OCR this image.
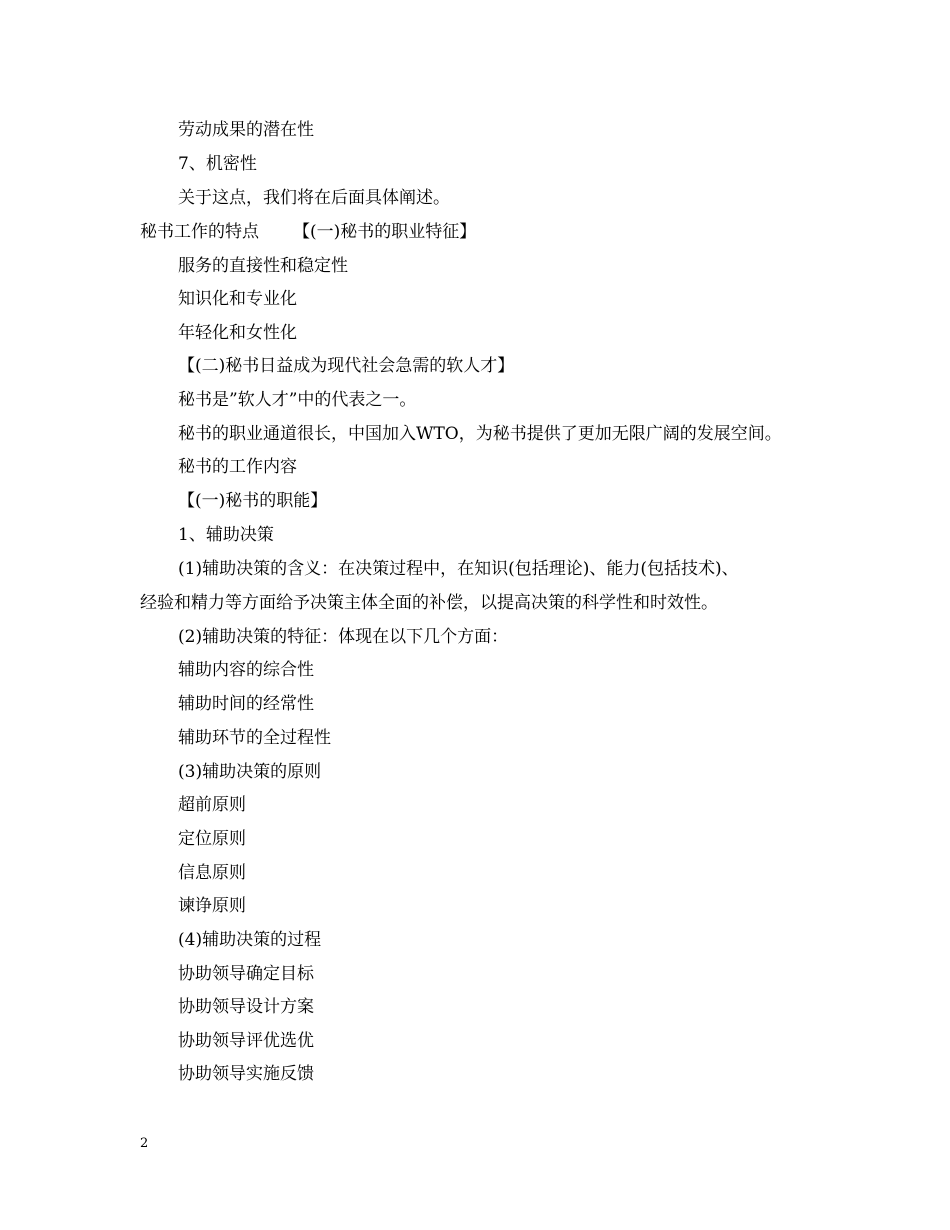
劳动成果的潜在性
7、机密性
关于这点，我们将在后面具体阐述。
秘书工作的特点 【(一)秘书的职业特征】
服务的直接性和稳定性
知识化和专业化
年轻化和女性化
【(二)秘书日益成为现代社会急需的软人才】
秘书是”软人才”中的代表之一。
秘书的职业通道很长，中国加入WTO，为秘书提供了更加无限广阔的发展空间。
秘书的工作内容
【(一)秘书的职能】
1、辅助决策
(1)辅助决策的含义：在决策过程中，在知识(包括理论)、能力(包括技术)、
经验和精力等方面给予决策主体全面的补偿，以提高决策的科学性和时效性。
(2)辅助决策的特征：体现在以下几个方面：
辅助内容的综合性
辅助时间的经常性
辅助环节的全过程性
(3)辅助决策的原则
超前原则
定位原则
信息原则
谏诤原则
(4)辅助决策的过程
协助领导确定目标
协助领导设计方案
协助领导评优选优
协助领导实施反馈
2
